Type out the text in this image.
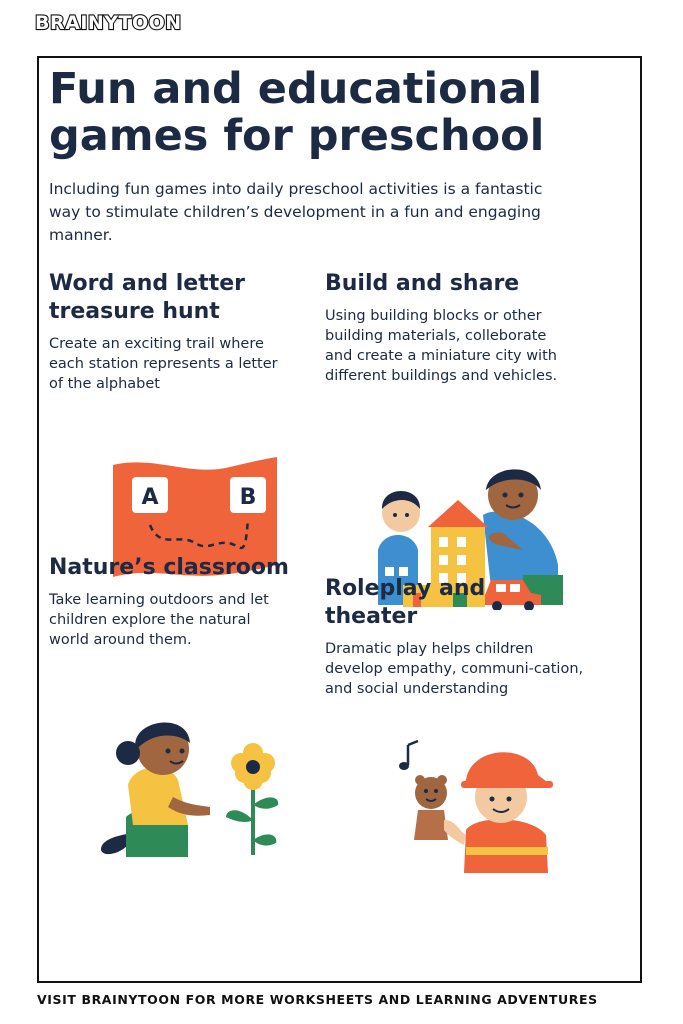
BRAINYTOON
Fun and educational games for preschool

Including fun games into daily preschool activities is a fantastic way to stimulate children’s development in a fun and engaging manner.

Word and letter treasure hunt

Create an exciting trail where each station represents a letter of the alphabet

A	B
Build and share

Using building blocks or other building materials, colleborate and create a miniature city with different buildings and vehicles.

Nature’s classroom

Take learning outdoors and let children explore the natural world around them.

Roleplay and theater

Dramatic play helps children develop empathy, communi-cation, and social understanding

VISIT BRAINYTOON FOR MORE WORKSHEETS AND LEARNING ADVENTURES
